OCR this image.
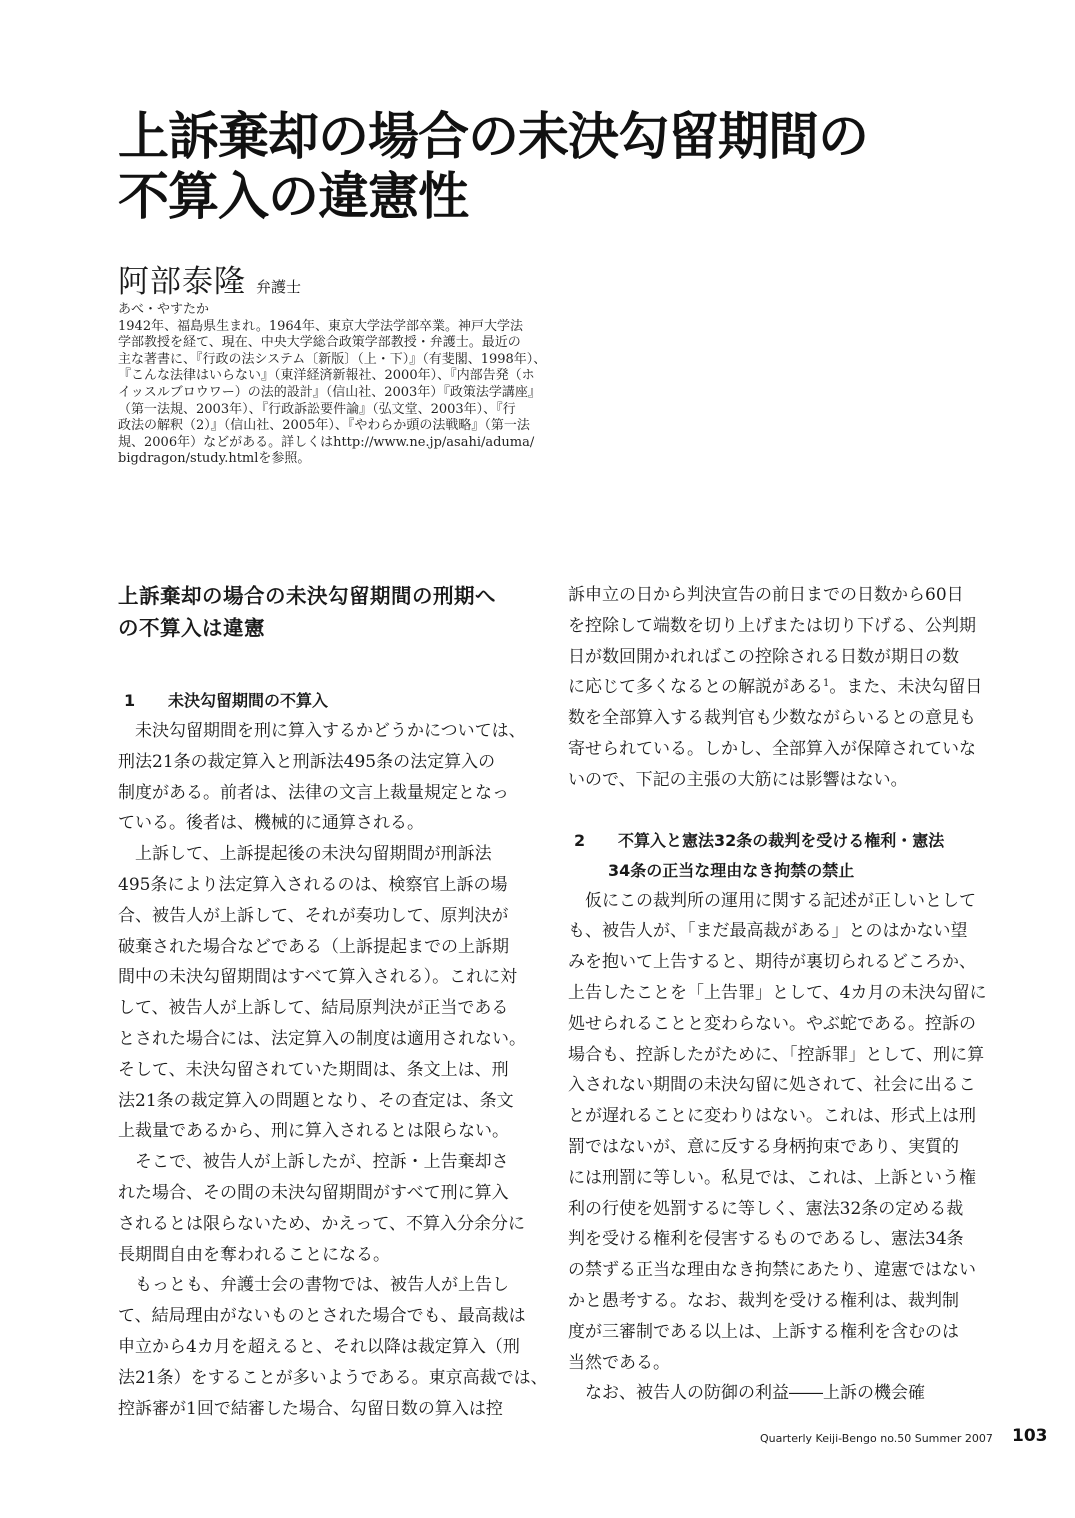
上訴棄却の場合の未決勾留期間の
不算入の違憲性
阿部泰隆 弁護士
あべ・やすたか
1942年、福島県生まれ。1964年、東京大学法学部卒業。神戸大学法
学部教授を経て、現在、中央大学総合政策学部教授・弁護士。最近の
主な著書に、『行政の法システム〔新版〕（上・下）』（有斐閣、1998年）、
『こんな法律はいらない』（東洋経済新報社、2000年）、『内部告発（ホ
イッスルブロウワー）の法的設計』（信山社、2003年）『政策法学講座』
（第一法規、2003年）、『行政訴訟要件論』（弘文堂、2003年）、『行
政法の解釈（2）』（信山社、2005年）、『やわらか頭の法戦略』（第一法
規、2006年）などがある。詳しくはhttp://www.ne.jp/asahi/aduma/
bigdragon/study.htmlを参照。
上訴棄却の場合の未決勾留期間の刑期へ
の不算入は違憲
1 未決勾留期間の不算入
　未決勾留期間を刑に算入するかどうかについては、
刑法21条の裁定算入と刑訴法495条の法定算入の
制度がある。前者は、法律の文言上裁量規定となっ
ている。後者は、機械的に通算される。
　上訴して、上訴提起後の未決勾留期間が刑訴法
495条により法定算入されるのは、検察官上訴の場
合、被告人が上訴して、それが奏功して、原判決が
破棄された場合などである（上訴提起までの上訴期
間中の未決勾留期間はすべて算入される）。これに対
して、被告人が上訴して、結局原判決が正当である
とされた場合には、法定算入の制度は適用されない。
そして、未決勾留されていた期間は、条文上は、刑
法21条の裁定算入の問題となり、その査定は、条文
上裁量であるから、刑に算入されるとは限らない。
　そこで、被告人が上訴したが、控訴・上告棄却さ
れた場合、その間の未決勾留期間がすべて刑に算入
されるとは限らないため、かえって、不算入分余分に
長期間自由を奪われることになる。
　もっとも、弁護士会の書物では、被告人が上告し
て、結局理由がないものとされた場合でも、最高裁は
申立から4カ月を超えると、それ以降は裁定算入（刑
法21条）をすることが多いようである。東京高裁では、
控訴審が1回で結審した場合、勾留日数の算入は控
訴申立の日から判決宣告の前日までの日数から60日
を控除して端数を切り上げまたは切り下げる、公判期
日が数回開かれればこの控除される日数が期日の数
に応じて多くなるとの解説がある$^1$。また、未決勾留日
数を全部算入する裁判官も少数ながらいるとの意見も
寄せられている。しかし、全部算入が保障されていな
いので、下記の主張の大筋には影響はない。
2 不算入と憲法32条の裁判を受ける権利・憲法
34条の正当な理由なき拘禁の禁止
　仮にこの裁判所の運用に関する記述が正しいとして
も、被告人が、「まだ最高裁がある」とのはかない望
みを抱いて上告すると、期待が裏切られるどころか、
上告したことを「上告罪」として、4カ月の未決勾留に
処せられることと変わらない。やぶ蛇である。控訴の
場合も、控訴したがために、「控訴罪」として、刑に算
入されない期間の未決勾留に処されて、社会に出るこ
とが遅れることに変わりはない。これは、形式上は刑
罰ではないが、意に反する身柄拘束であり、実質的
には刑罰に等しい。私見では、これは、上訴という権
利の行使を処罰するに等しく、憲法32条の定める裁
判を受ける権利を侵害するものであるし、憲法34条
の禁ずる正当な理由なき拘禁にあたり、違憲ではない
かと愚考する。なお、裁判を受ける権利は、裁判制
度が三審制である以上は、上訴する権利を含むのは
当然である。
　なお、被告人の防御の利益――上訴の機会確
Quarterly Keiji-Bengo no.50 Summer 2007 103
